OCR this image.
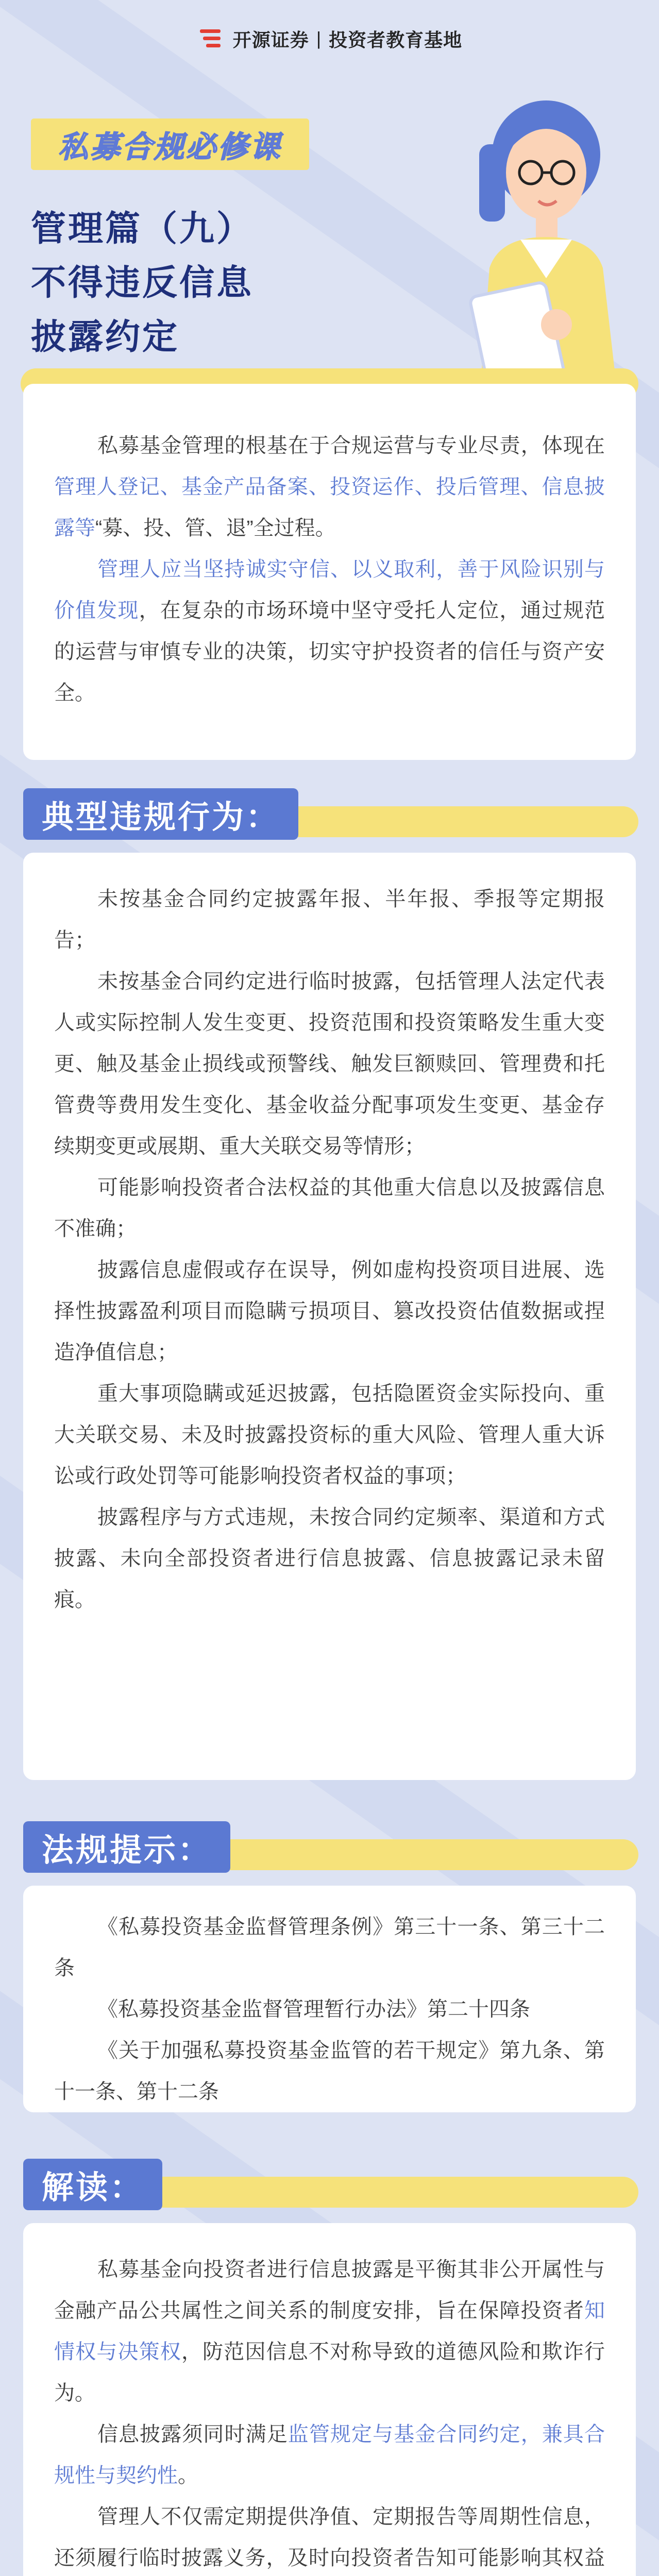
开源证券 | 投资者教育基地
私募合规必修课
管理篇（九）
不得违反信息
披露约定

私募基金管理的根基在于合规运营与专业尽责，体现在管理人登记、基金产品备案、投资运作、投后管理、信息披露等“募、投、管、退”全过程。

管理人应当坚持诚实守信、以义取利，善于风险识别与价值发现，在复杂的市场环境中坚守受托人定位，通过规范的运营与审慎专业的决策，切实守护投资者的信任与资产安全。

典型违规行为：

未按基金合同约定披露年报、半年报、季报等定期报告；

未按基金合同约定进行临时披露，包括管理人法定代表人或实际控制人发生变更、投资范围和投资策略发生重大变更、触及基金止损线或预警线、触发巨额赎回、管理费和托管费等费用发生变化、基金收益分配事项发生变更、基金存续期变更或展期、重大关联交易等情形；

可能影响投资者合法权益的其他重大信息以及披露信息不准确；

披露信息虚假或存在误导，例如虚构投资项目进展、选择性披露盈利项目而隐瞒亏损项目、篡改投资估值数据或捏造净值信息；

重大事项隐瞒或延迟披露，包括隐匿资金实际投向、重大关联交易、未及时披露投资标的重大风险、管理人重大诉讼或行政处罚等可能影响投资者权益的事项；

披露程序与方式违规，未按合同约定频率、渠道和方式披露、未向全部投资者进行信息披露、信息披露记录未留痕。

法规提示：

《私募投资基金监督管理条例》第三十一条、第三十二条

《私募投资基金监督管理暂行办法》第二十四条

《关于加强私募投资基金监管的若干规定》第九条、第十一条、第十二条

解读：

私募基金向投资者进行信息披露是平衡其非公开属性与金融产品公共属性之间关系的制度安排，旨在保障投资者知情权与决策权，防范因信息不对称导致的道德风险和欺诈行为。

信息披露须同时满足监管规定与基金合同约定，兼具合规性与契约性。

管理人不仅需定期提供净值、定期报告等周期性信息，还须履行临时披露义务，及时向投资者告知可能影响其权益
